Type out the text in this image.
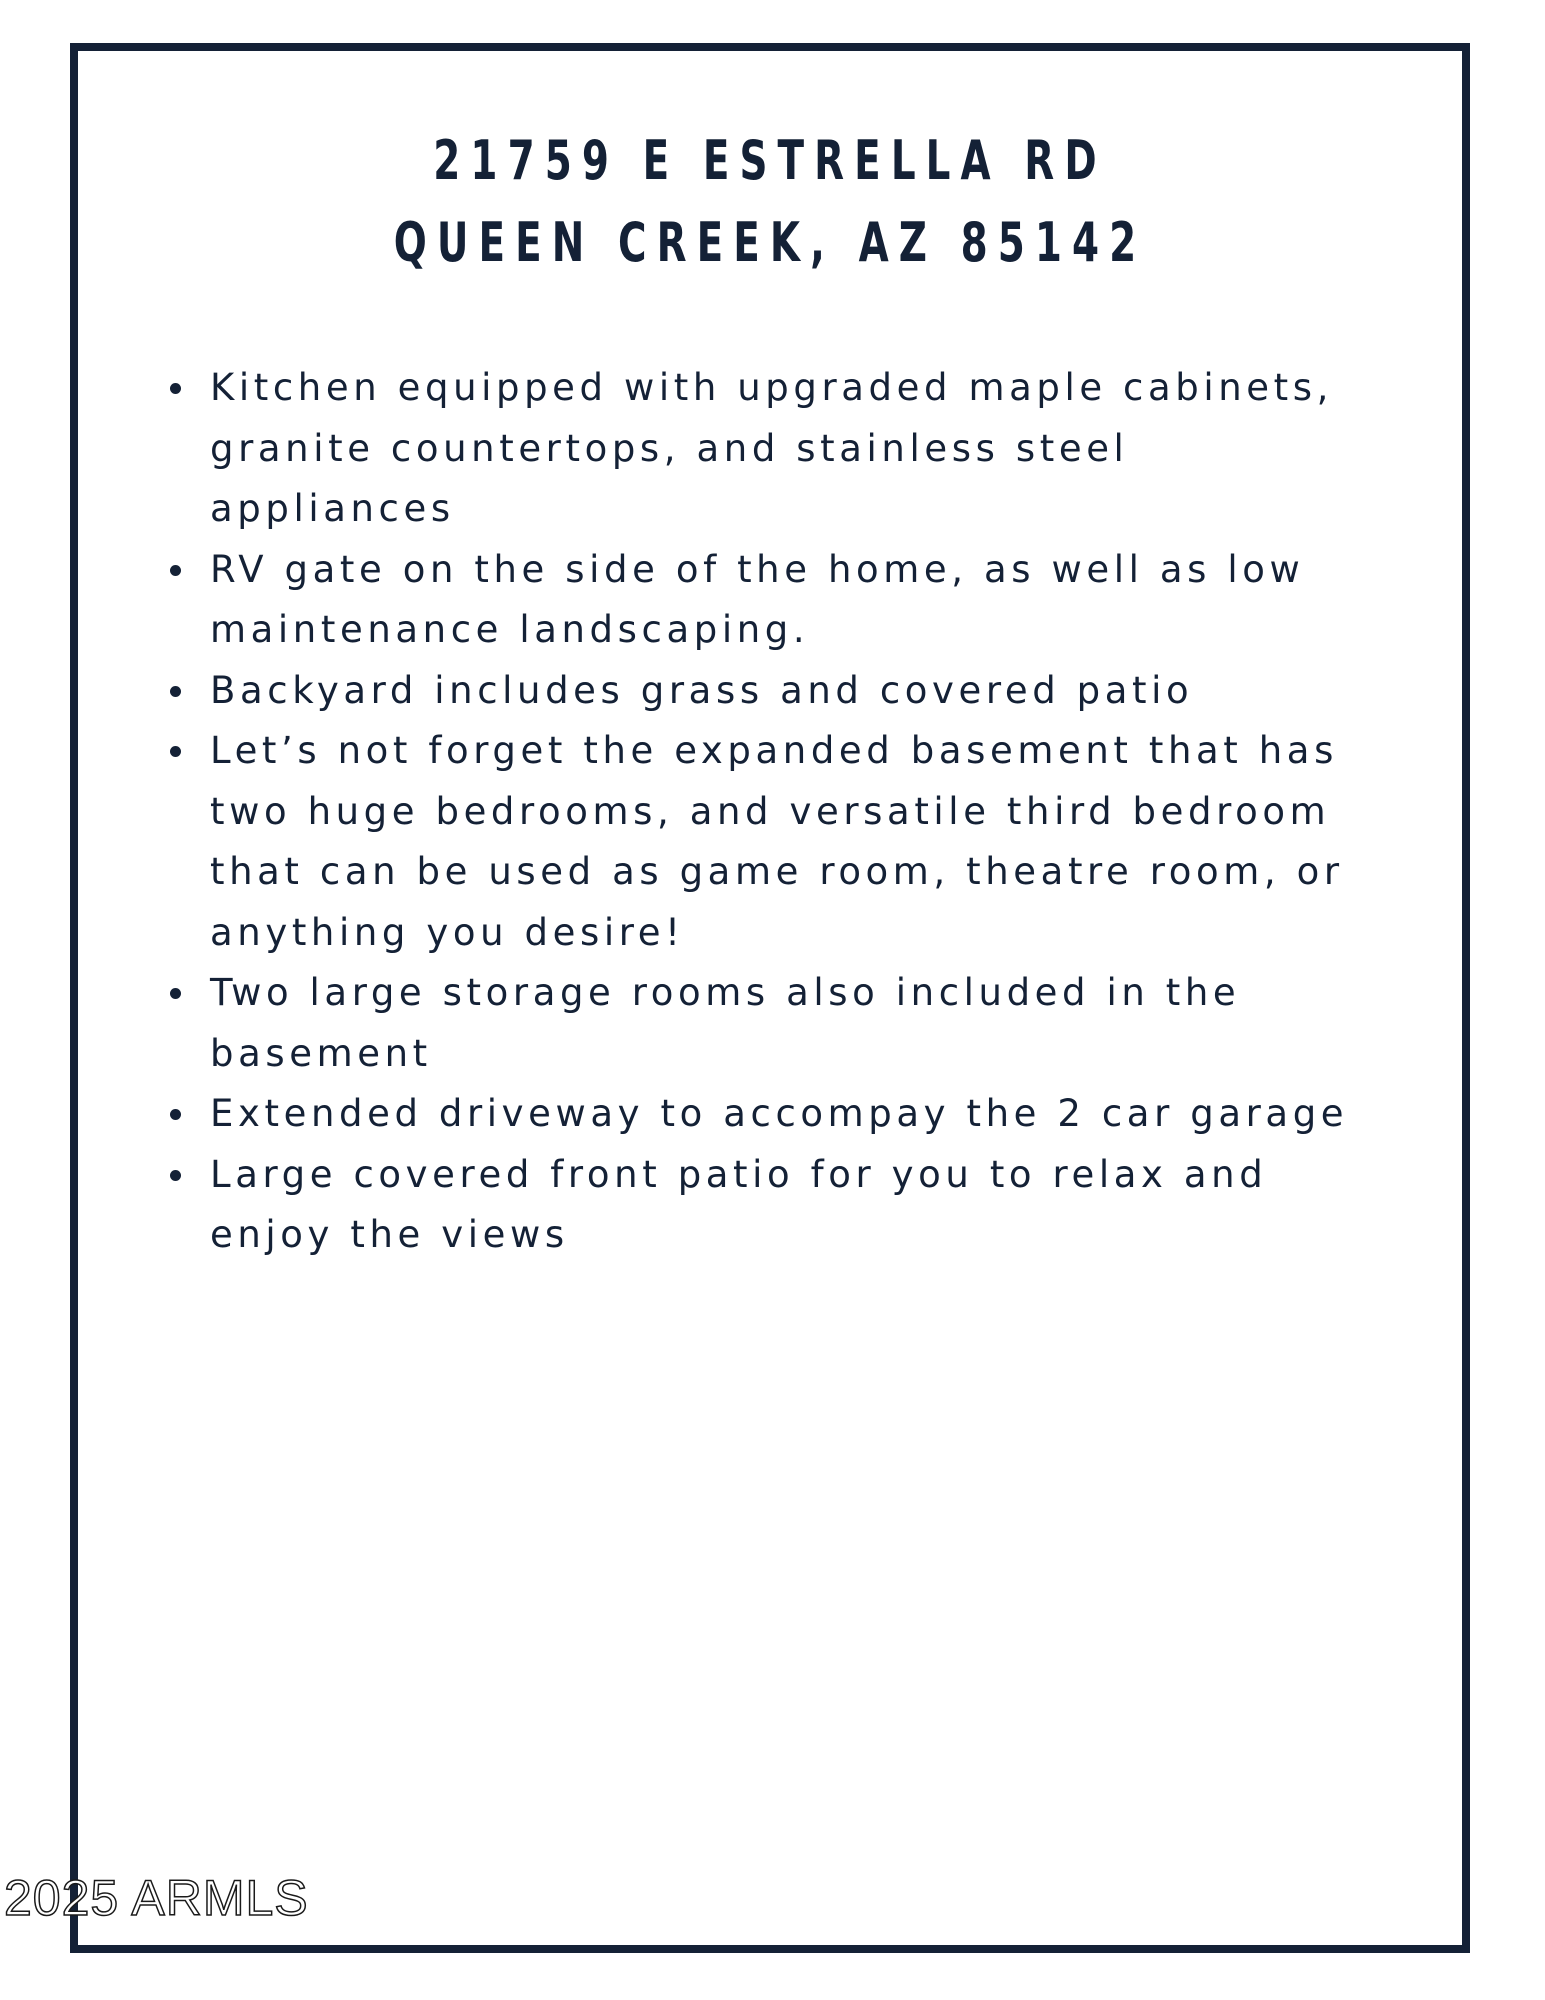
21759 E ESTRELLA RD
QUEEN CREEK, AZ 85142
Kitchen equipped with upgraded maple cabinets, granite countertops, and stainless steel appliances
RV gate on the side of the home, as well as low maintenance landscaping.
Backyard includes grass and covered patio
Let’s not forget the expanded basement that has two huge bedrooms, and versatile third bedroom that can be used as game room, theatre room, or anything you desire!
Two large storage rooms also included in the basement
Extended driveway to accompay the 2 car garage
Large covered front patio for you to relax and enjoy the views
2025 ARMLS
